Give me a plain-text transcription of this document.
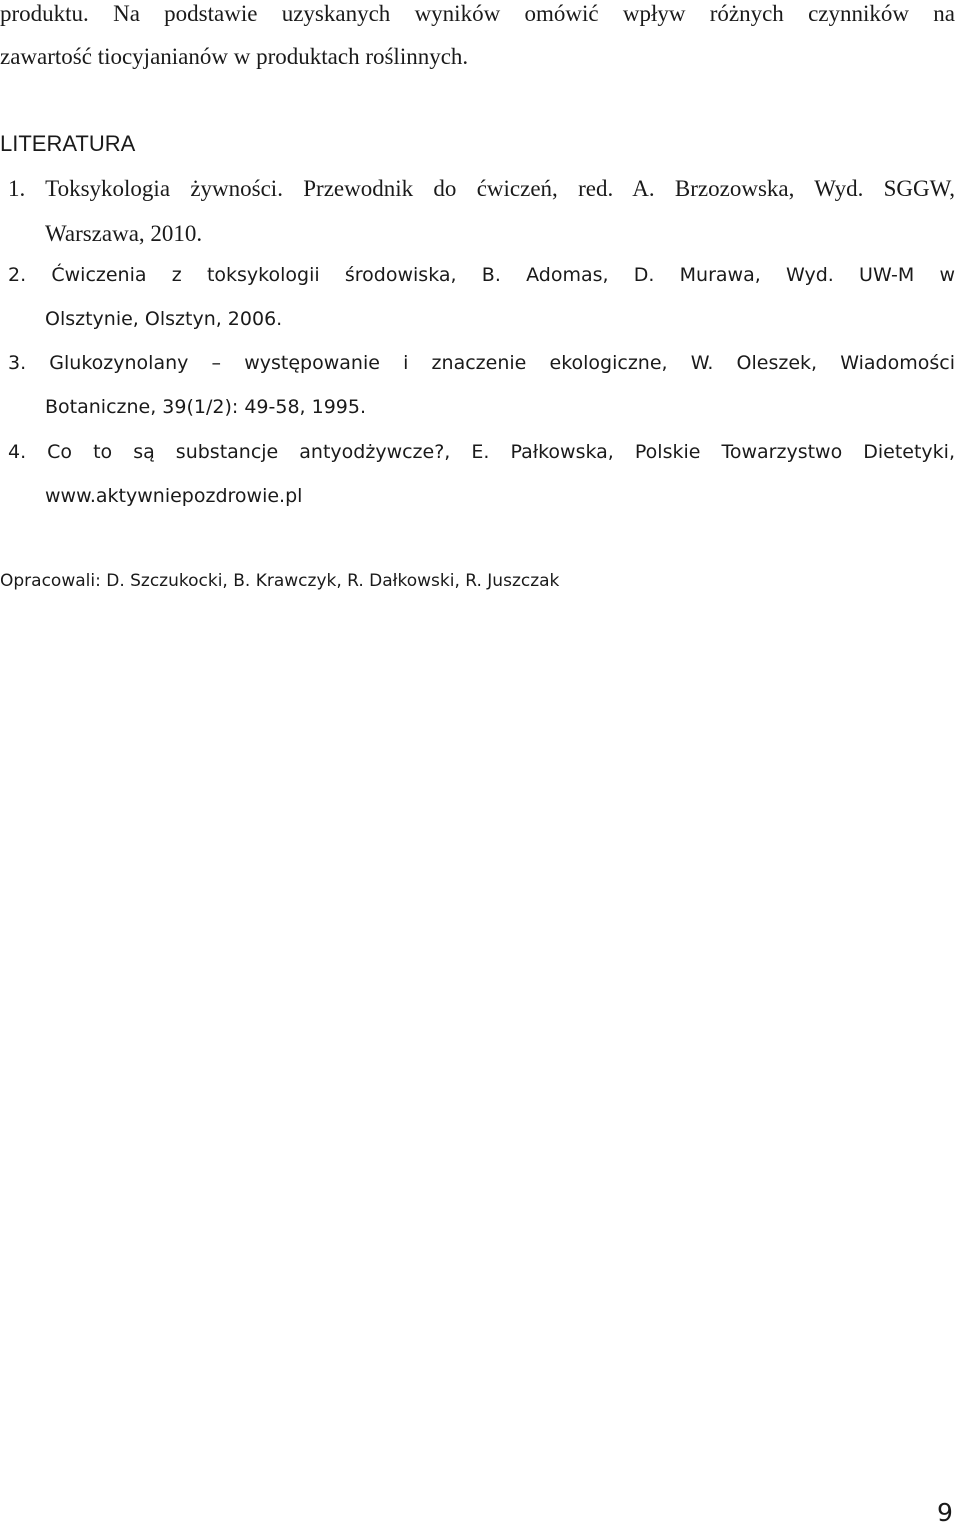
produktu. Na podstawie uzyskanych wyników omówić wpływ różnych czynników na
zawartość tiocyjanianów w produktach roślinnych.
LITERATURA
1. Toksykologia żywności. Przewodnik do ćwiczeń, red. A. Brzozowska, Wyd. SGGW,
Warszawa, 2010.
2. Ćwiczenia z toksykologii środowiska, B. Adomas, D. Murawa, Wyd. UW-M w
Olsztynie, Olsztyn, 2006.
3. Glukozynolany – występowanie i znaczenie ekologiczne, W. Oleszek, Wiadomości
Botaniczne, 39(1/2): 49-58, 1995.
4. Co to są substancje antyodżywcze?, E. Pałkowska, Polskie Towarzystwo Dietetyki,
www.aktywniepozdrowie.pl
Opracowali: D. Szczukocki, B. Krawczyk, R. Dałkowski, R. Juszczak
9
